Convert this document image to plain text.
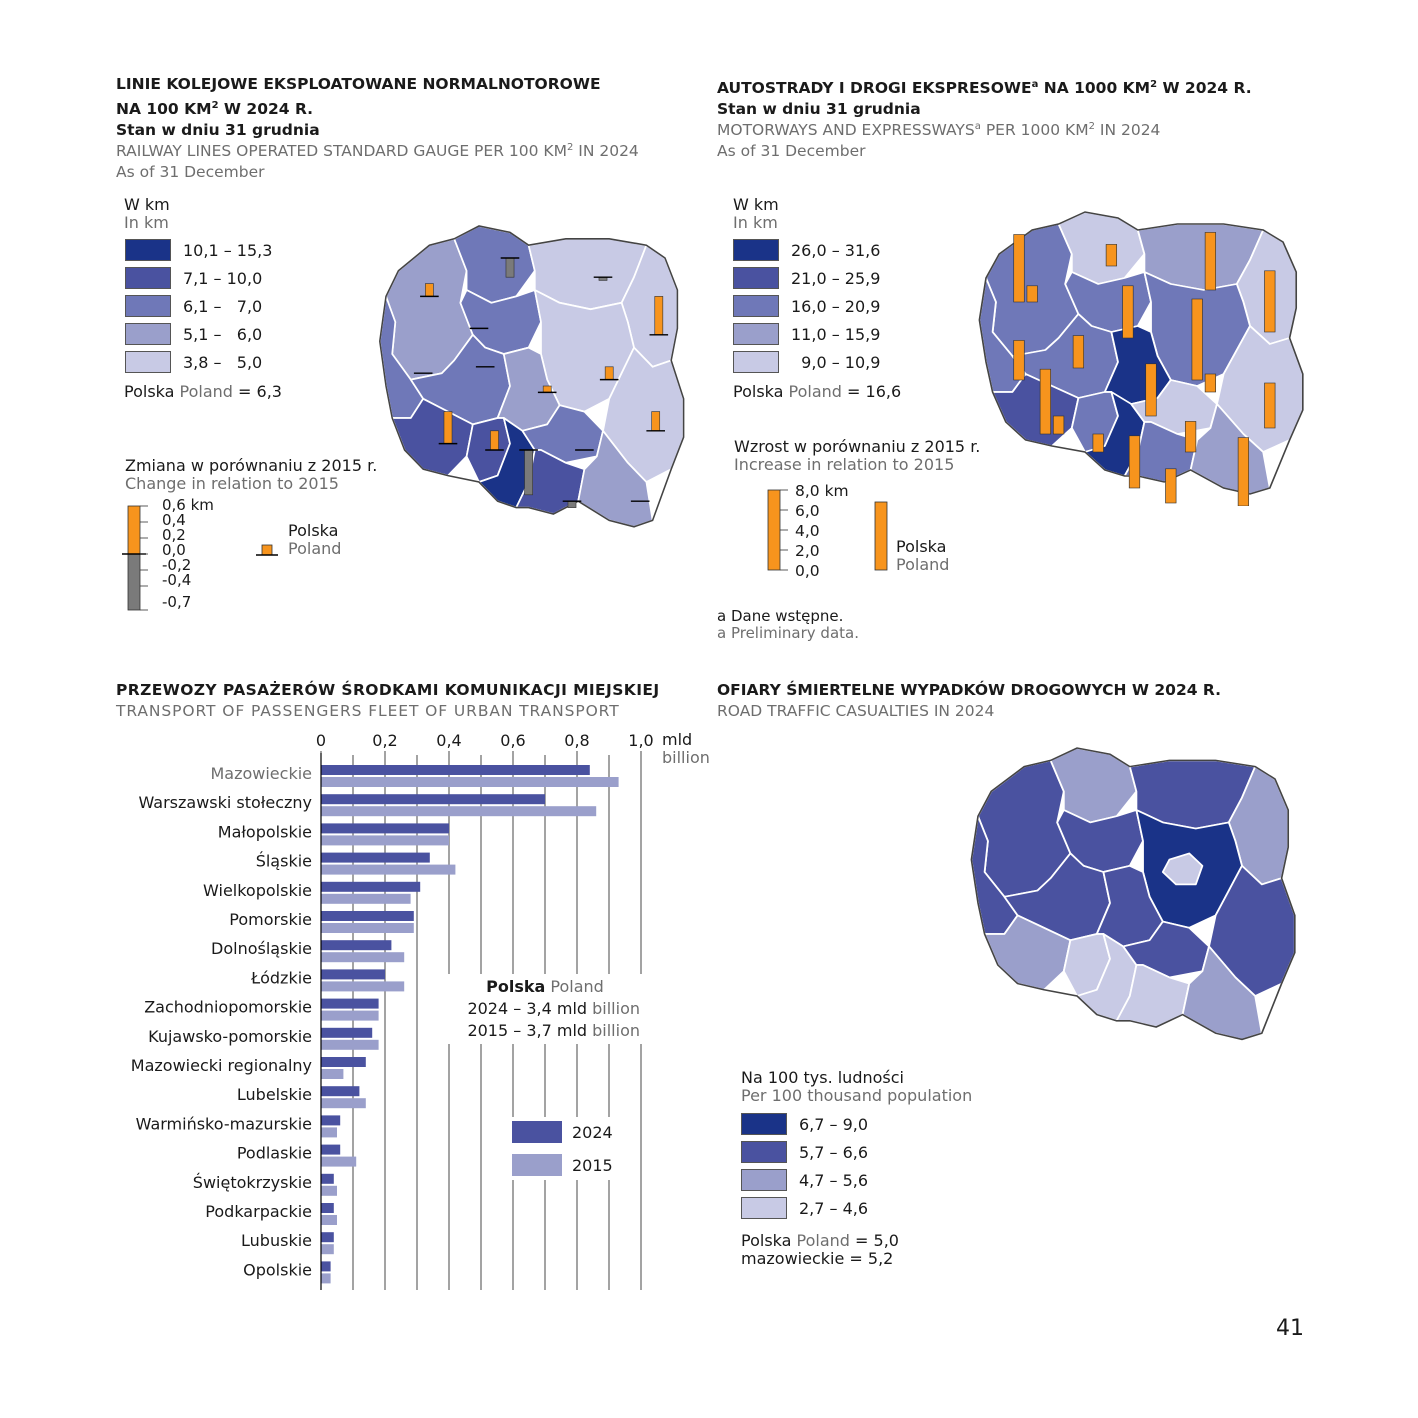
LINIE KOLEJOWE EKSPLOATOWANE NORMALNOTOROWE
NA 100 $KM^2$ W 2024 R.
Stan w dniu 31 grudnia
RAILWAY LINES OPERATED STANDARD GAUGE PER 100 $KM^2$ IN 2024
As of 31 December
W km
In km
10,1 – 15,3
7,1 – 10,0
6,1 –   7,0
5,1 –   6,0
3,8 –   5,0
Polska Poland = 6,3
Zmiana w porównaniu z 2015 r.
Change in relation to 2015
0,6 km
0,4
0,2
0,0
-0,2
-0,4
-0,7
Polska
Poland
AUTOSTRADY I DROGI EKSPRESOWE$^a$ NA 1000 $KM^2$ W 2024 R.
Stan w dniu 31 grudnia
MOTORWAYS AND EXPRESSWAYS$^a$ PER 1000 $KM^2$ IN 2024
As of 31 December
W km
In km
26,0 – 31,6
21,0 – 25,9
16,0 – 20,9
11,0 – 15,9
9,0 – 10,9
Polska Poland = 16,6
Wzrost w porównaniu z 2015 r.
Increase in relation to 2015
8,0 km
6,0
4,0
2,0
0,0
Polska
Poland
a Dane wstępne.
a Preliminary data.
PRZEWOZY PASAŻERÓW ŚRODKAMI KOMUNIKACJI MIEJSKIEJ
TRANSPORT OF PASSENGERS FLEET OF URBAN TRANSPORT
0	0,2 0,4 0,6 0,8 1,0
Mazowieckie
Warszawski stołeczny
Małopolskie
Śląskie
Wielkopolskie
Pomorskie
Dolnośląskie
Łódzkie
Zachodniopomorskie
Kujawsko-pomorskie
Mazowiecki regionalny
Lubelskie
Warmińsko-mazurskie
Podlaskie
Świętokrzyskie
Podkarpackie
Lubuskie
Opolskie
mld
billion
Polska Poland
2024 – 3,4 mld billion
2015 – 3,7 mld billion
2024
2015
OFIARY ŚMIERTELNE WYPADKÓW DROGOWYCH W 2024 R.
ROAD TRAFFIC CASUALTIES IN 2024
Na 100 tys. ludności
Per 100 thousand population
6,7 – 9,0
5,7 – 6,6
4,7 – 5,6
2,7 – 4,6
Polska Poland = 5,0
mazowieckie = 5,2
41
